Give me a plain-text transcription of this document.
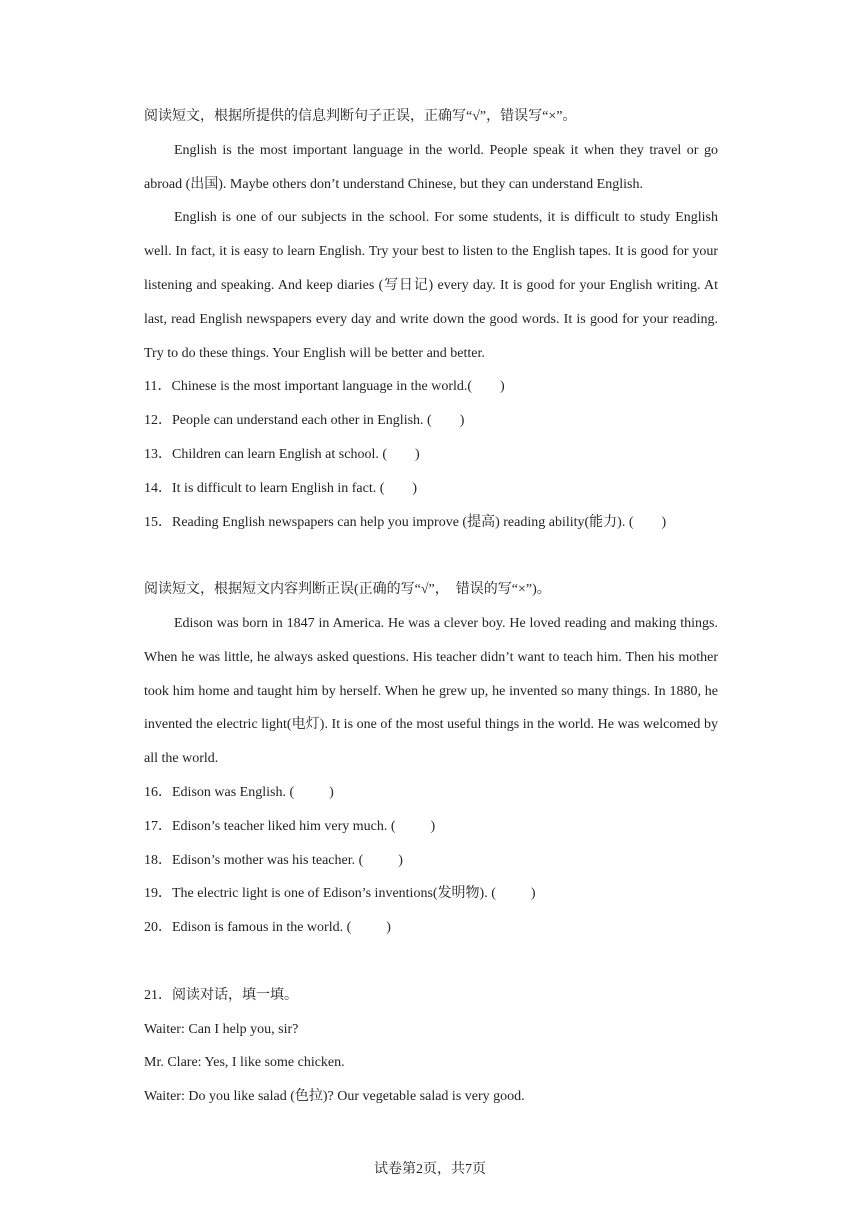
阅读短文，根据所提供的信息判断句子正误，正确写“√”，错误写“×”。

English is the most important language in the world. People speak it when they travel or go abroad (出国). Maybe others don’t understand Chinese, but they can understand English.

English is one of our subjects in the school. For some students, it is difficult to study English well. In fact, it is easy to learn English. Try your best to listen to the English tapes. It is good for your listening and speaking. And keep diaries (写日记) every day. It is good for your English writing. At last, read English newspapers every day and write down the good words. It is good for your reading. Try to do these things. Your English will be better and better.

11．Chinese is the most important language in the world.(        )

12．People can understand each other in English. (        )

13．Children can learn English at school. (        )

14．It is difficult to learn English in fact. (        )

15．Reading English newspapers can help you improve (提高) reading ability(能力). (        )

阅读短文，根据短文内容判断正误(正确的写“√”，  错误的写“×”)。

Edison was born in 1847 in America. He was a clever boy. He loved reading and making things. When he was little, he always asked questions. His teacher didn’t want to teach him. Then his mother took him home and taught him by herself. When he grew up, he invented so many things. In 1880, he invented the electric light(电灯). It is one of the most useful things in the world. He was welcomed by all the world.

16．Edison was English. (          )

17．Edison’s teacher liked him very much. (          )

18．Edison’s mother was his teacher. (          )

19．The electric light is one of Edison’s inventions(发明物). (          )

20．Edison is famous in the world. (          )

21．阅读对话，填一填。

Waiter: Can I help you, sir?

Mr. Clare: Yes, I like some chicken.

Waiter: Do you like salad (色拉)? Our vegetable salad is very good.

试卷第2页，共7页
